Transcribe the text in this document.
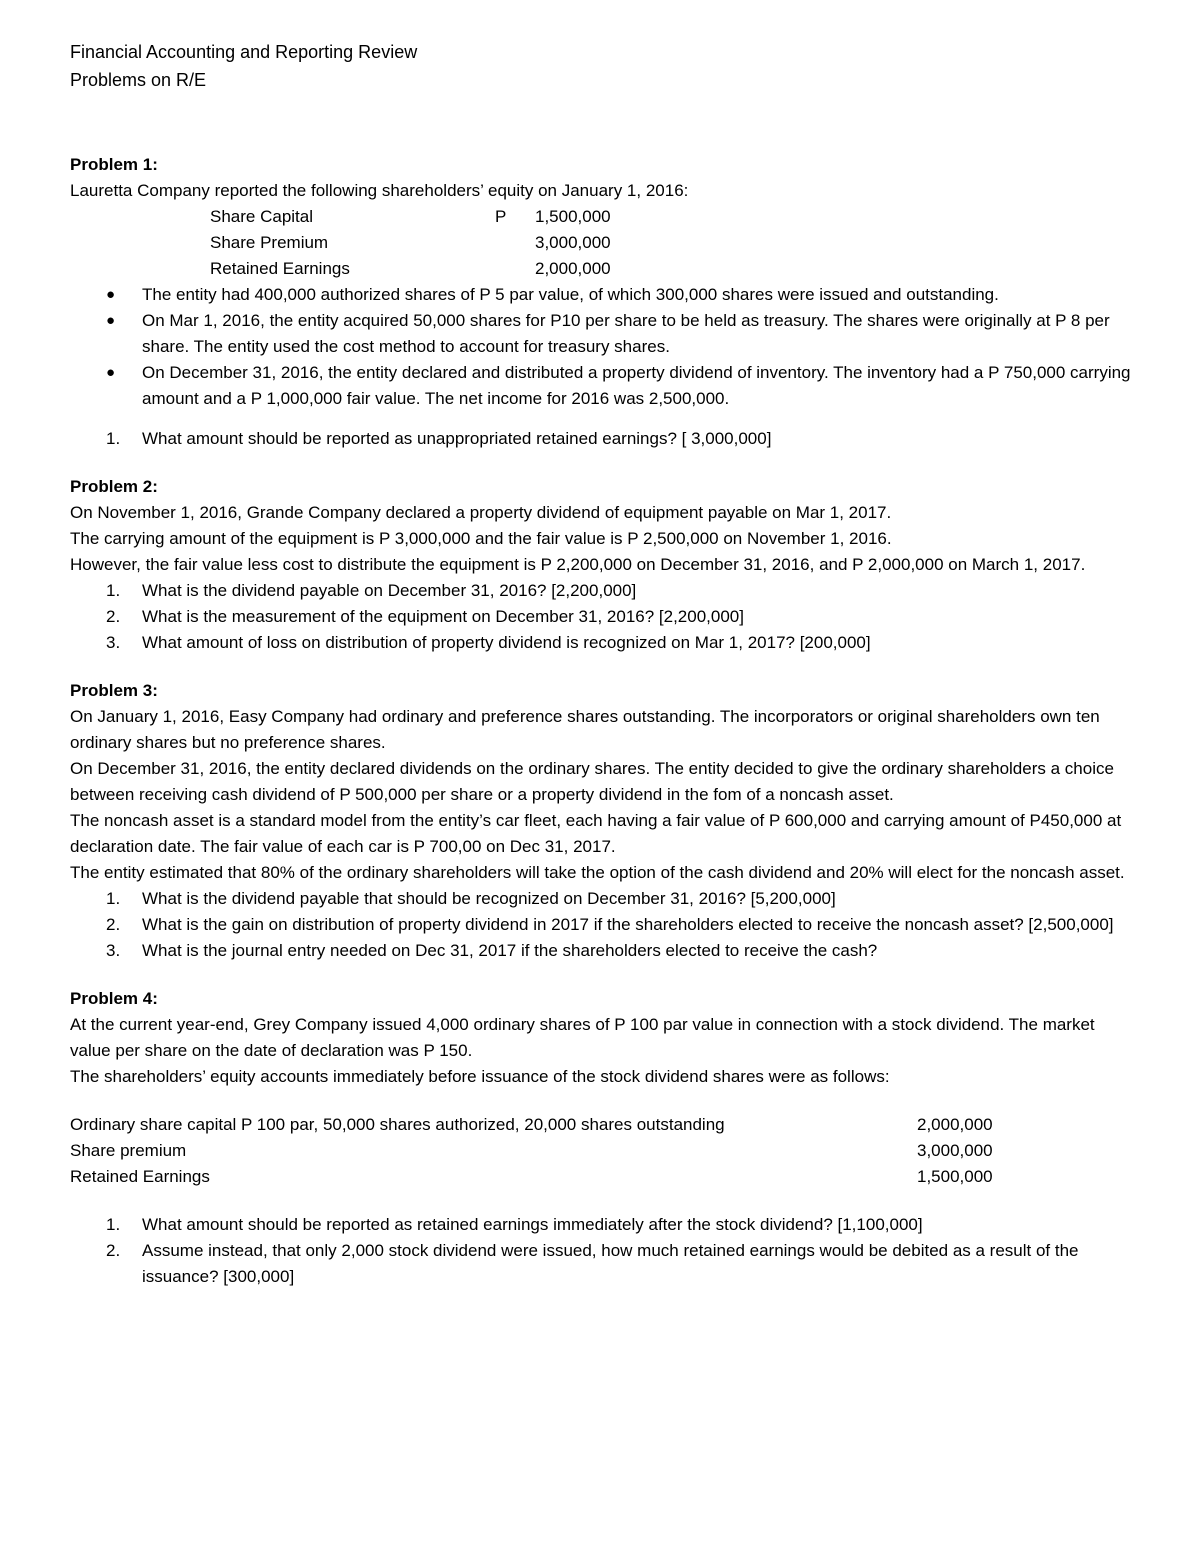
Financial Accounting and Reporting Review
Problems on R/E
Problem 1:
Lauretta Company reported the following shareholders’ equity on January 1, 2016:
Share Capital	P	1,500,000
Share Premium	3,000,000
Retained Earnings	2,000,000
● The entity had 400,000 authorized shares of P 5 par value, of which 300,000 shares were issued and outstanding.
● On Mar 1, 2016, the entity acquired 50,000 shares for P10 per share to be held as treasury. The shares were originally at P 8 per share. The entity used the cost method to account for treasury shares.
● On December 31, 2016, the entity declared and distributed a property dividend of inventory. The inventory had a P 750,000 carrying amount and a P 1,000,000 fair value. The net income for 2016 was 2,500,000.
1. What amount should be reported as unappropriated retained earnings? [ 3,000,000]
Problem 2:
On November 1, 2016, Grande Company declared a property dividend of equipment payable on Mar 1, 2017.
The carrying amount of the equipment is P 3,000,000 and the fair value is P 2,500,000 on November 1, 2016.
However, the fair value less cost to distribute the equipment is P 2,200,000 on December 31, 2016, and P 2,000,000 on March 1, 2017.
1. What is the dividend payable on December 31, 2016? [2,200,000]
2. What is the measurement of the equipment on December 31, 2016? [2,200,000]
3. What amount of loss on distribution of property dividend is recognized on Mar 1, 2017? [200,000]
Problem 3:
On January 1, 2016, Easy Company had ordinary and preference shares outstanding. The incorporators or original shareholders own ten ordinary shares but no preference shares.
On December 31, 2016, the entity declared dividends on the ordinary shares. The entity decided to give the ordinary shareholders a choice between receiving cash dividend of P 500,000 per share or a property dividend in the fom of a noncash asset.
The noncash asset is a standard model from the entity’s car fleet, each having a fair value of P 600,000 and carrying amount of P450,000 at declaration date. The fair value of each car is P 700,00 on Dec 31, 2017.
The entity estimated that 80% of the ordinary shareholders will take the option of the cash dividend and 20% will elect for the noncash asset.
1. What is the dividend payable that should be recognized on December 31, 2016? [5,200,000]
2. What is the gain on distribution of property dividend in 2017 if the shareholders elected to receive the noncash asset? [2,500,000]
3. What is the journal entry needed on Dec 31, 2017 if the shareholders elected to receive the cash?
Problem 4:
At the current year-end, Grey Company issued 4,000 ordinary shares of P 100 par value in connection with a stock dividend. The market value per share on the date of declaration was P 150.
The shareholders’ equity accounts immediately before issuance of the stock dividend shares were as follows:
Ordinary share capital P 100 par, 50,000 shares authorized, 20,000 shares outstanding	2,000,000
Share premium	3,000,000
Retained Earnings	1,500,000
1. What amount should be reported as retained earnings immediately after the stock dividend? [1,100,000]
2. Assume instead, that only 2,000 stock dividend were issued, how much retained earnings would be debited as a result of the issuance? [300,000]
